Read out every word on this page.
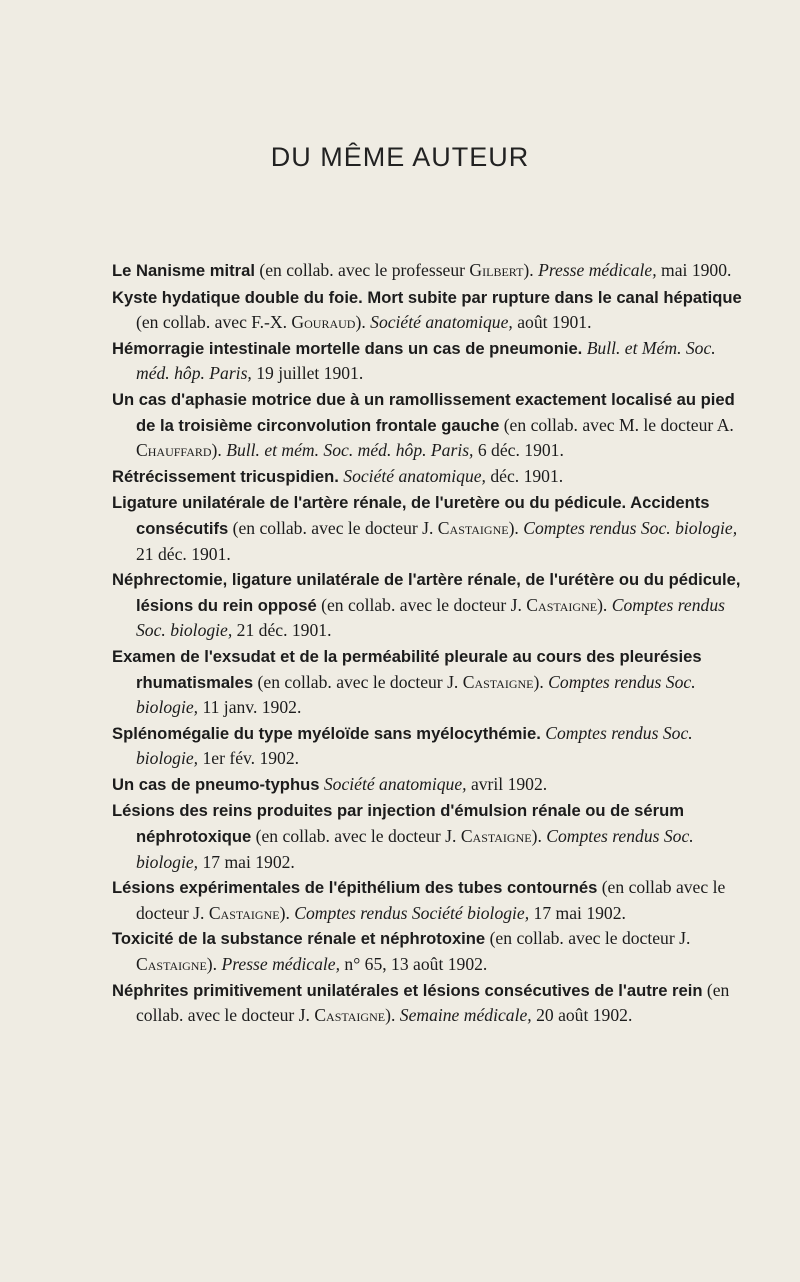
DU MÊME AUTEUR

Le Nanisme mitral (en collab. avec le professeur Gilbert). Presse médicale, mai 1900.

Kyste hydatique double du foie. Mort subite par rupture dans le canal hépatique (en collab. avec F.-X. Gouraud). Société anatomique, août 1901.

Hémorragie intestinale mortelle dans un cas de pneumonie. Bull. et Mém. Soc. méd. hôp. Paris, 19 juillet 1901.

Un cas d'aphasie motrice due à un ramollissement exactement localisé au pied de la troisième circonvolution frontale gauche (en collab. avec M. le docteur A. Chauffard). Bull. et mém. Soc. méd. hôp. Paris, 6 déc. 1901.

Rétrécissement tricuspidien. Société anatomique, déc. 1901.

Ligature unilatérale de l'artère rénale, de l'uretère ou du pédicule. Accidents consécutifs (en collab. avec le docteur J. Castaigne). Comptes rendus Soc. biologie, 21 déc. 1901.

Néphrectomie, ligature unilatérale de l'artère rénale, de l'urétère ou du pédicule, lésions du rein opposé (en collab. avec le docteur J. Castaigne). Comptes rendus Soc. biologie, 21 déc. 1901.

Examen de l'exsudat et de la perméabilité pleurale au cours des pleurésies rhumatismales (en collab. avec le docteur J. Castaigne). Comptes rendus Soc. biologie, 11 janv. 1902.

Splénomégalie du type myéloïde sans myélocythémie. Comptes rendus Soc. biologie, 1er fév. 1902.

Un cas de pneumo-typhus Société anatomique, avril 1902.

Lésions des reins produites par injection d'émulsion rénale ou de sérum néphrotoxique (en collab. avec le docteur J. Castaigne). Comptes rendus Soc. biologie, 17 mai 1902.

Lésions expérimentales de l'épithélium des tubes contournés (en collab avec le docteur J. Castaigne). Comptes rendus Société biologie, 17 mai 1902.

Toxicité de la substance rénale et néphrotoxine (en collab. avec le docteur J. Castaigne). Presse médicale, n° 65, 13 août 1902.

Néphrites primitivement unilatérales et lésions consécutives de l'autre rein (en collab. avec le docteur J. Castaigne). Semaine médicale, 20 août 1902.
